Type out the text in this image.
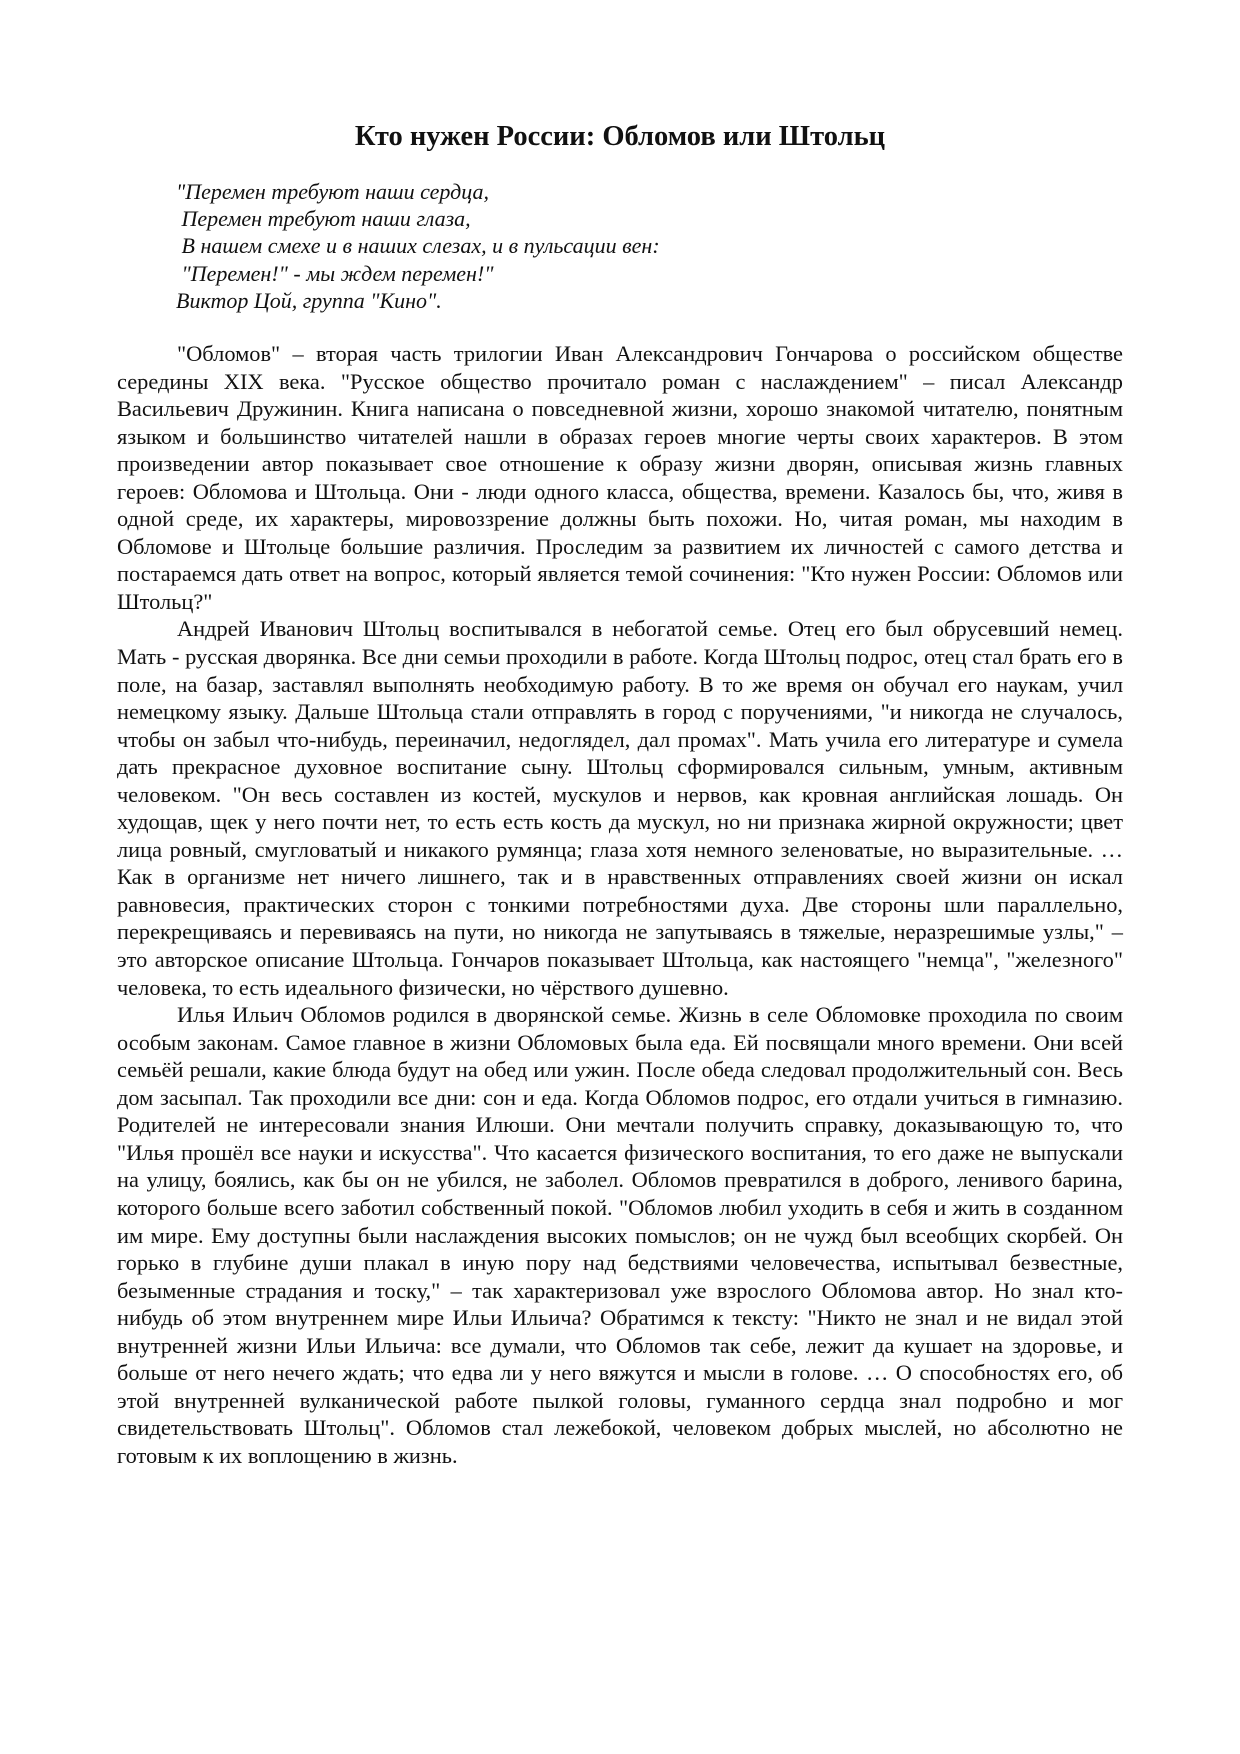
Кто нужен России: Обломов или Штольц
"Перемен требуют наши сердца,
Перемен требуют наши глаза,
В нашем смехе и в наших слезах, и в пульсации вен:
"Перемен!" - мы ждем перемен!"
Виктор Цой, группа "Кино".

"Обломов" – вторая часть трилогии Иван Александрович Гончарова о российском обществе середины XIX века. "Русское общество прочитало роман с наслаждением" – писал Александр Васильевич Дружинин. Книга написана о повседневной жизни, хорошо знакомой читателю, понятным языком и большинство читателей нашли в образах героев многие черты своих характеров. В этом произведении автор показывает свое отношение к образу жизни дворян, описывая жизнь главных героев: Обломова и Штольца. Они - люди одного класса, общества, времени. Казалось бы, что, живя в одной среде, их характеры, мировоззрение должны быть похожи. Но, читая роман, мы находим в Обломове и Штольце большие различия. Проследим за развитием их личностей с самого детства и постараемся дать ответ на вопрос, который является темой сочинения: "Кто нужен России: Обломов или Штольц?"

Андрей Иванович Штольц воспитывался в небогатой семье. Отец его был обрусевший немец. Мать - русская дворянка. Все дни семьи проходили в работе. Когда Штольц подрос, отец стал брать его в поле, на базар, заставлял выполнять необходимую работу. В то же время он обучал его наукам, учил немецкому языку. Дальше Штольца стали отправлять в город с поручениями, "и никогда не случалось, чтобы он забыл что-нибудь, переиначил, недоглядел, дал промах". Мать учила его литературе и сумела дать прекрасное духовное воспитание сыну. Штольц сформировался сильным, умным, активным человеком. "Он весь составлен из костей, мускулов и нервов, как кровная английская лошадь. Он худощав, щек у него почти нет, то есть есть кость да мускул, но ни признака жирной окружности; цвет лица ровный, смугловатый и никакого румянца; глаза хотя немного зеленоватые, но выразительные. … Как в организме нет ничего лишнего, так и в нравственных отправлениях своей жизни он искал равновесия, практических сторон с тонкими потребностями духа. Две стороны шли параллельно, перекрещиваясь и перевиваясь на пути, но никогда не запутываясь в тяжелые, неразрешимые узлы," – это авторское описание Штольца. Гончаров показывает Штольца, как настоящего "немца", "железного" человека, то есть идеального физически, но чёрствого душевно.

Илья Ильич Обломов родился в дворянской семье. Жизнь в селе Обломовке проходила по своим особым законам. Самое главное в жизни Обломовых была еда. Ей посвящали много времени. Они всей семьёй решали, какие блюда будут на обед или ужин. После обеда следовал продолжительный сон. Весь дом засыпал. Так проходили все дни: сон и еда. Когда Обломов подрос, его отдали учиться в гимназию. Родителей не интересовали знания Илюши. Они мечтали получить справку, доказывающую то, что "Илья прошёл все науки и искусства". Что касается физического воспитания, то его даже не выпускали на улицу, боялись, как бы он не убился, не заболел. Обломов превратился в доброго, ленивого барина, которого больше всего заботил собственный покой. "Обломов любил уходить в себя и жить в созданном им мире. Ему доступны были наслаждения высоких помыслов; он не чужд был всеобщих скорбей. Он горько в глубине души плакал в иную пору над бедствиями человечества, испытывал безвестные, безыменные страдания и тоску," – так характеризовал уже взрослого Обломова автор. Но знал кто-нибудь об этом внутреннем мире Ильи Ильича? Обратимся к тексту: "Никто не знал и не видал этой внутренней жизни Ильи Ильича: все думали, что Обломов так себе, лежит да кушает на здоровье, и больше от него нечего ждать; что едва ли у него вяжутся и мысли в голове. … О способностях его, об этой внутренней вулканической работе пылкой головы, гуманного сердца знал подробно и мог свидетельствовать Штольц". Обломов стал лежебокой, человеком добрых мыслей, но абсолютно не готовым к их воплощению в жизнь.
